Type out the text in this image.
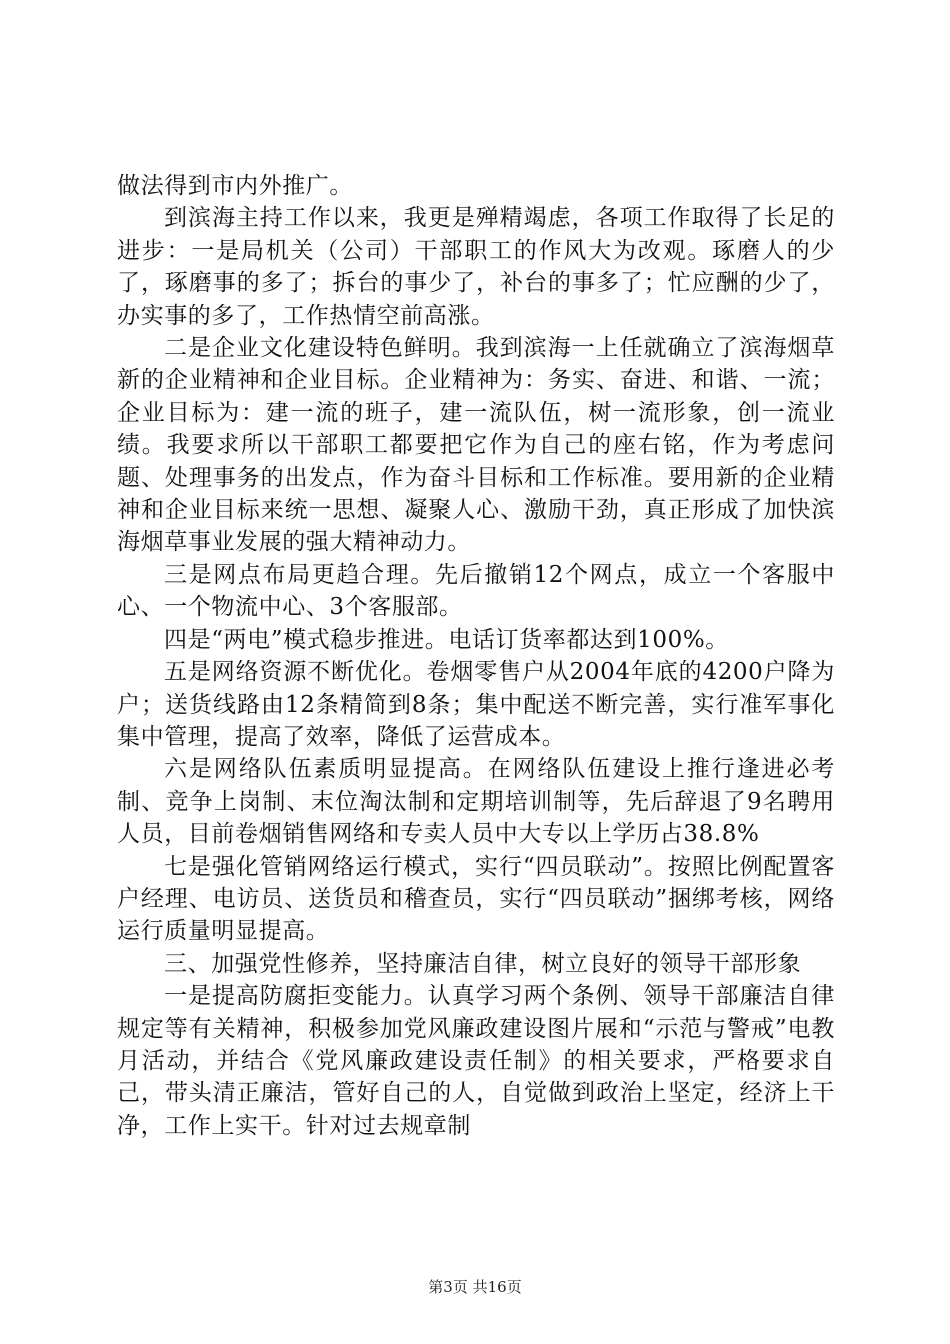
做法得到市内外推广。

到滨海主持工作以来，我更是殚精竭虑，各项工作取得了长足的进步：一是局机关（公司）干部职工的作风大为改观。琢磨人的少了，琢磨事的多了；拆台的事少了，补台的事多了；忙应酬的少了，办实事的多了，工作热情空前高涨。

二是企业文化建设特色鲜明。我到滨海一上任就确立了滨海烟草新的企业精神和企业目标。企业精神为：务实、奋进、和谐、一流；企业目标为：建一流的班子，建一流队伍，树一流形象，创一流业绩。我要求所以干部职工都要把它作为自己的座右铭，作为考虑问题、处理事务的出发点，作为奋斗目标和工作标准。要用新的企业精神和企业目标来统一思想、凝聚人心、激励干劲，真正形成了加快滨海烟草事业发展的强大精神动力。

三是网点布局更趋合理。先后撤销12个网点，成立一个客服中心、一个物流中心、3个客服部。

四是“两电”模式稳步推进。电话订货率都达到100%。

五是网络资源不断优化。卷烟零售户从2004年底的4200户降为户；送货线路由12条精简到8条；集中配送不断完善，实行准军事化集中管理，提高了效率，降低了运营成本。

六是网络队伍素质明显提高。在网络队伍建设上推行逢进必考制、竞争上岗制、末位淘汰制和定期培训制等，先后辞退了9名聘用人员，目前卷烟销售网络和专卖人员中大专以上学历占38.8%

七是强化管销网络运行模式，实行“四员联动”。按照比例配置客户经理、电访员、送货员和稽查员，实行“四员联动”捆绑考核，网络运行质量明显提高。

三、加强党性修养，坚持廉洁自律，树立良好的领导干部形象

一是提高防腐拒变能力。认真学习两个条例、领导干部廉洁自律规定等有关精神，积极参加党风廉政建设图片展和“示范与警戒”电教月活动，并结合《党风廉政建设责任制》的相关要求，严格要求自己，带头清正廉洁，管好自己的人，自觉做到政治上坚定，经济上干净，工作上实干。针对过去规章制

第3页 共16页
